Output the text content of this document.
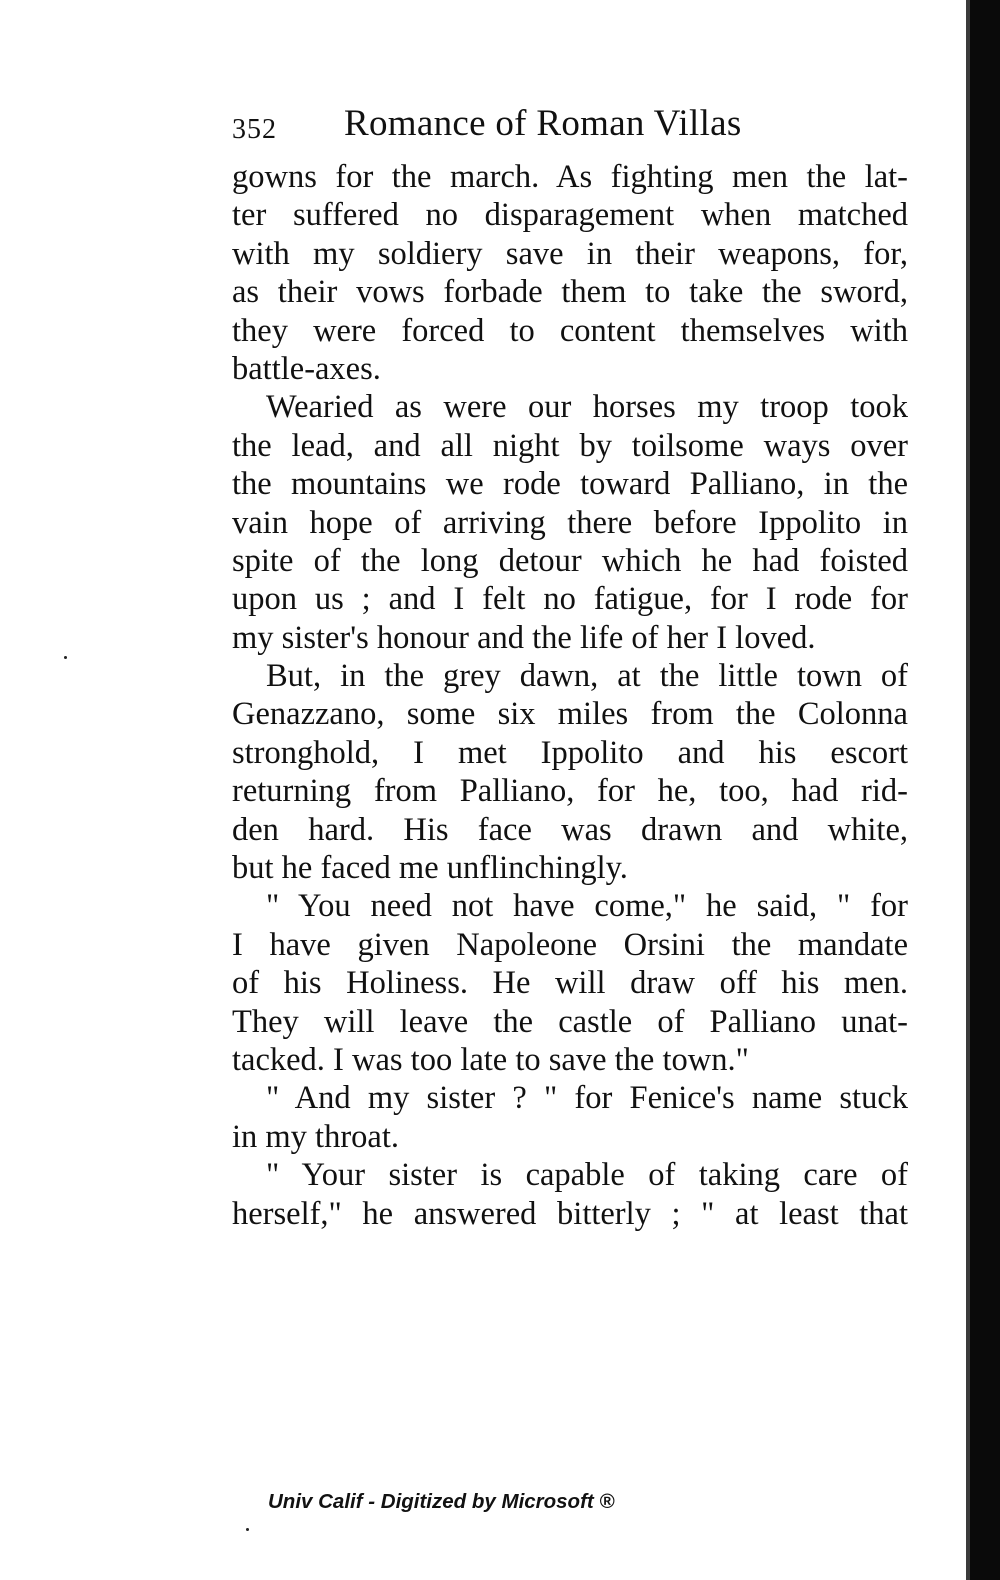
352 Romance of Roman Villas
gowns for the march. As fighting men the lat-
ter suffered no disparagement when matched
with my soldiery save in their weapons, for,
as their vows forbade them to take the sword,
they were forced to content themselves with
battle-axes.
Wearied as were our horses my troop took
the lead, and all night by toilsome ways over
the mountains we rode toward Palliano, in the
vain hope of arriving there before Ippolito in
spite of the long detour which he had foisted
upon us ; and I felt no fatigue, for I rode for
my sister's honour and the life of her I loved.
But, in the grey dawn, at the little town of
Genazzano, some six miles from the Colonna
stronghold, I met Ippolito and his escort
returning from Palliano, for he, too, had rid-
den hard. His face was drawn and white,
but he faced me unflinchingly.
" You need not have come," he said, " for
I have given Napoleone Orsini the mandate
of his Holiness. He will draw off his men.
They will leave the castle of Palliano unat-
tacked. I was too late to save the town."
" And my sister ? " for Fenice's name stuck
in my throat.
" Your sister is capable of taking care of
herself," he answered bitterly ; " at least that
Univ Calif - Digitized by Microsoft ®
